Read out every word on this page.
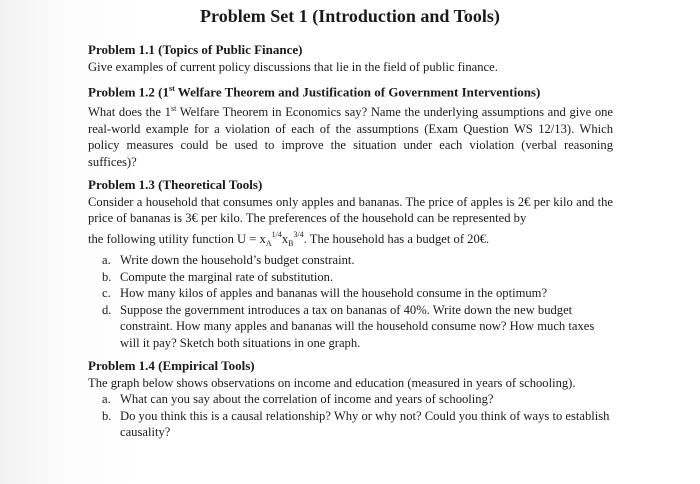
Problem Set 1 (Introduction and Tools)

Problem 1.1 (Topics of Public Finance)

Give examples of current policy discussions that lie in the field of public finance.

Problem 1.2 (1st Welfare Theorem and Justification of Government Interventions)

What does the 1st Welfare Theorem in Economics say? Name the underlying assumptions and give one real-world example for a violation of each of the assumptions (Exam Question WS 12/13). Which policy measures could be used to improve the situation under each violation (verbal reasoning suffices)?

Problem 1.3 (Theoretical Tools)

Consider a household that consumes only apples and bananas. The price of apples is 2€ per kilo and the price of bananas is 3€ per kilo. The preferences of the household can be represented by

the following utility function $U = x_A^{1/4}x_B^{3/4}$. The household has a budget of 20€.

a. Write down the household’s budget constraint.
b. Compute the marginal rate of substitution.
c. How many kilos of apples and bananas will the household consume in the optimum?
d. Suppose the government introduces a tax on bananas of 40%. Write down the new budget constraint. How many apples and bananas will the household consume now? How much taxes will it pay? Sketch both situations in one graph.

Problem 1.4 (Empirical Tools)

The graph below shows observations on income and education (measured in years of schooling).

a. What can you say about the correlation of income and years of schooling?
b. Do you think this is a causal relationship? Why or why not? Could you think of ways to establish causality?
